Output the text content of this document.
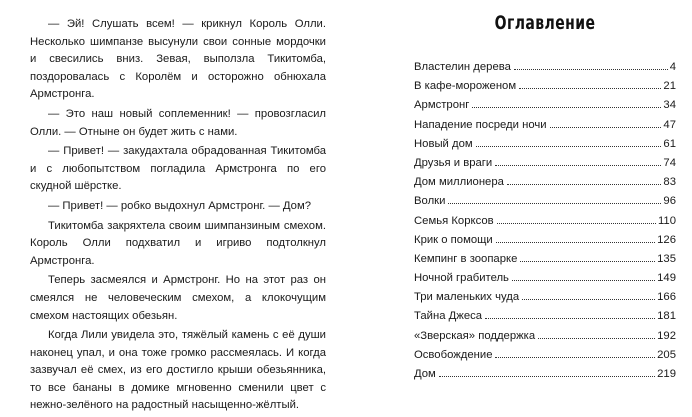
— Эй! Слушать всем! — крикнул Король Олли. Несколько шимпанзе высунули свои сонные мордочки и свесились вниз. Зевая, выползла Тикитомба, поздоровалась с Королём и осторожно обнюхала Армстронга.

— Это наш новый соплеменник! — провозгласил Олли. — Отныне он будет жить с нами.

— Привет! — закудахтала обрадованная Тикитомба и с любопытством погладила Армстронга по его скудной шёрстке.

— Привет! — робко выдохнул Армстронг. — Дом?

Тикитомба закряхтела своим шимпанзиным смехом. Король Олли подхватил и игриво подтолкнул Армстронга.

Теперь засмеялся и Армстронг. Но на этот раз он смеялся не человеческим смехом, а клокочущим смехом настоящих обезьян.

Когда Лили увидела это, тяжёлый камень с её души наконец упал, и она тоже громко рассмеялась. И когда зазвучал её смех, из его достигло крыши обезьянника, то все бананы в домике мгновенно сменили цвет с нежно-зелёного на радостный насыщенно-жёлтый.

Оглавление
Властелин дерева	4
В кафе-мороженом	21
Армстронг	34
Нападение посреди ночи	47
Новый дом	61
Друзья и враги	74
Дом миллионера	83
Волки	96
Семья Корксов	110
Крик о помощи	126
Кемпинг в зоопарке	135
Ночной грабитель	149
Три маленьких чуда	166
Тайна Джеса	181
«Зверская» поддержка	192
Освобождение	205
Дом	219
